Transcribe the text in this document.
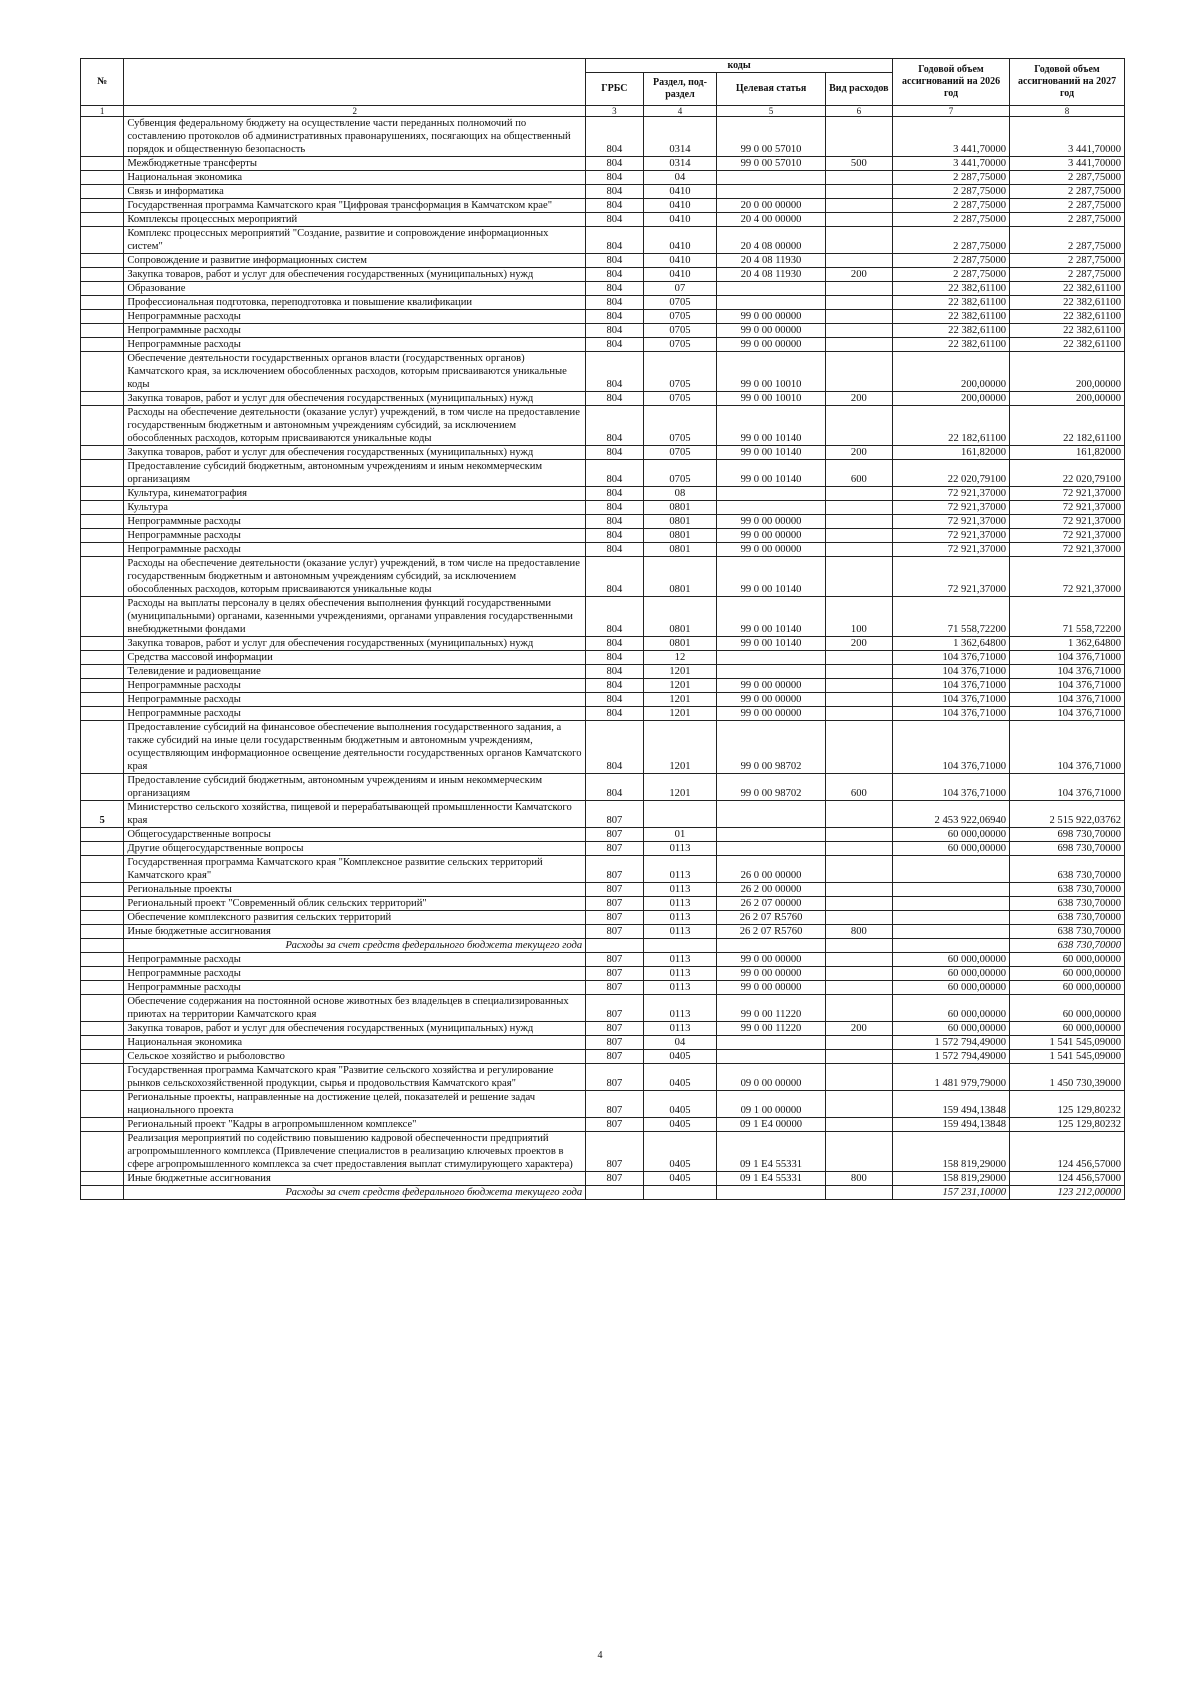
№		коды				Годовой объем ассигнований на 2026 год	Годовой объем ассигнований на 2027 год
		ГРБС	Раздел, под-раздел	Целевая статья	Вид расходов		
1	2	3	4	5	6	7	8
	Субвенция федеральному бюджету на осуществление части переданных полномочий по составлению протоколов об административных правонарушениях, посягающих на общественный порядок и общественную безопасность	804	0314	99 0 00 57010		3 441,70000	3 441,70000
	Межбюджетные трансферты	804	0314	99 0 00 57010	500	3 441,70000	3 441,70000
	Национальная экономика	804	04			2 287,75000	2 287,75000
	Связь и информатика	804	0410			2 287,75000	2 287,75000
	Государственная программа Камчатского края "Цифровая трансформация в Камчатском крае"	804	0410	20 0 00 00000		2 287,75000	2 287,75000
	Комплексы процессных мероприятий	804	0410	20 4 00 00000		2 287,75000	2 287,75000
	Комплекс процессных мероприятий "Создание, развитие и сопровождение информационных систем"	804	0410	20 4 08 00000		2 287,75000	2 287,75000
	Сопровождение и развитие информационных систем	804	0410	20 4 08 11930		2 287,75000	2 287,75000
	Закупка товаров, работ и услуг для обеспечения государственных (муниципальных) нужд	804	0410	20 4 08 11930	200	2 287,75000	2 287,75000
	Образование	804	07			22 382,61100	22 382,61100
	Профессиональная подготовка, переподготовка и повышение квалификации	804	0705			22 382,61100	22 382,61100
	Непрограммные расходы	804	0705	99 0 00 00000		22 382,61100	22 382,61100
	Непрограммные расходы	804	0705	99 0 00 00000		22 382,61100	22 382,61100
	Непрограммные расходы	804	0705	99 0 00 00000		22 382,61100	22 382,61100
	Обеспечение деятельности государственных органов власти (государственных органов) Камчатского края, за исключением обособленных расходов, которым присваиваются уникальные коды	804	0705	99 0 00 10010		200,00000	200,00000
	Закупка товаров, работ и услуг для обеспечения государственных (муниципальных) нужд	804	0705	99 0 00 10010	200	200,00000	200,00000
	Расходы на обеспечение деятельности (оказание услуг) учреждений, в том числе на предоставление государственным бюджетным и автономным учреждениям субсидий, за исключением обособленных расходов, которым присваиваются уникальные коды	804	0705	99 0 00 10140		22 182,61100	22 182,61100
	Закупка товаров, работ и услуг для обеспечения государственных (муниципальных) нужд	804	0705	99 0 00 10140	200	161,82000	161,82000
	Предоставление субсидий бюджетным, автономным учреждениям и иным некоммерческим организациям	804	0705	99 0 00 10140	600	22 020,79100	22 020,79100
	Культура, кинематография	804	08			72 921,37000	72 921,37000
	Культура	804	0801			72 921,37000	72 921,37000
	Непрограммные расходы	804	0801	99 0 00 00000		72 921,37000	72 921,37000
	Непрограммные расходы	804	0801	99 0 00 00000		72 921,37000	72 921,37000
	Непрограммные расходы	804	0801	99 0 00 00000		72 921,37000	72 921,37000
	Расходы на обеспечение деятельности (оказание услуг) учреждений, в том числе на предоставление государственным бюджетным и автономным учреждениям субсидий, за исключением обособленных расходов, которым присваиваются уникальные коды	804	0801	99 0 00 10140		72 921,37000	72 921,37000
	Расходы на выплаты персоналу в целях обеспечения выполнения функций государственными (муниципальными) органами, казенными учреждениями, органами управления государственными внебюджетными фондами	804	0801	99 0 00 10140	100	71 558,72200	71 558,72200
	Закупка товаров, работ и услуг для обеспечения государственных (муниципальных) нужд	804	0801	99 0 00 10140	200	1 362,64800	1 362,64800
	Средства массовой информации	804	12			104 376,71000	104 376,71000
	Телевидение и радиовещание	804	1201			104 376,71000	104 376,71000
	Непрограммные расходы	804	1201	99 0 00 00000		104 376,71000	104 376,71000
	Непрограммные расходы	804	1201	99 0 00 00000		104 376,71000	104 376,71000
	Непрограммные расходы	804	1201	99 0 00 00000		104 376,71000	104 376,71000
	Предоставление субсидий на финансовое обеспечение выполнения государственного задания, а также субсидий на иные цели государственным бюджетным и автономным учреждениям, осуществляющим информационное освещение деятельности государственных органов Камчатского края	804	1201	99 0 00 98702		104 376,71000	104 376,71000
	Предоставление субсидий бюджетным, автономным учреждениям и иным некоммерческим организациям	804	1201	99 0 00 98702	600	104 376,71000	104 376,71000
5	Министерство сельского хозяйства, пищевой и перерабатывающей промышленности Камчатского края	807				2 453 922,06940	2 515 922,03762
	Общегосударственные вопросы	807	01			60 000,00000	698 730,70000
	Другие общегосударственные вопросы	807	0113			60 000,00000	698 730,70000
	Государственная программа Камчатского края "Комплексное развитие сельских территорий Камчатского края"	807	0113	26 0 00 00000			638 730,70000
	Региональные проекты	807	0113	26 2 00 00000			638 730,70000
	Региональный проект "Современный облик сельских территорий"	807	0113	26 2 07 00000			638 730,70000
	Обеспечение комплексного развития сельских территорий	807	0113	26 2 07 R5760			638 730,70000
	Иные бюджетные ассигнования	807	0113	26 2 07 R5760	800		638 730,70000
	Расходы за счет средств федерального бюджета текущего года						638 730,70000
	Непрограммные расходы	807	0113	99 0 00 00000		60 000,00000	60 000,00000
	Непрограммные расходы	807	0113	99 0 00 00000		60 000,00000	60 000,00000
	Непрограммные расходы	807	0113	99 0 00 00000		60 000,00000	60 000,00000
	Обеспечение содержания на постоянной основе животных без владельцев в специализированных приютах на территории Камчатского края	807	0113	99 0 00 11220		60 000,00000	60 000,00000
	Закупка товаров, работ и услуг для обеспечения государственных (муниципальных) нужд	807	0113	99 0 00 11220	200	60 000,00000	60 000,00000
	Национальная экономика	807	04			1 572 794,49000	1 541 545,09000
	Сельское хозяйство и рыболовство	807	0405			1 572 794,49000	1 541 545,09000
	Государственная программа Камчатского края "Развитие сельского хозяйства и регулирование рынков сельскохозяйственной продукции, сырья и продовольствия Камчатского края"	807	0405	09 0 00 00000		1 481 979,79000	1 450 730,39000
	Региональные проекты, направленные на достижение целей, показателей и решение задач национального проекта	807	0405	09 1 00 00000		159 494,13848	125 129,80232
	Региональный проект "Кадры в агропромышленном комплексе"	807	0405	09 1 E4 00000		159 494,13848	125 129,80232
	Реализация мероприятий по содействию повышению кадровой обеспеченности предприятий агропромышленного комплекса (Привлечение специалистов в реализацию ключевых проектов в сфере агропромышленного комплекса за счет предоставления выплат стимулирующего характера)	807	0405	09 1 E4 55331		158 819,29000	124 456,57000
	Иные бюджетные ассигнования	807	0405	09 1 E4 55331	800	158 819,29000	124 456,57000
	Расходы за счет средств федерального бюджета текущего года					157 231,10000	123 212,00000
4
